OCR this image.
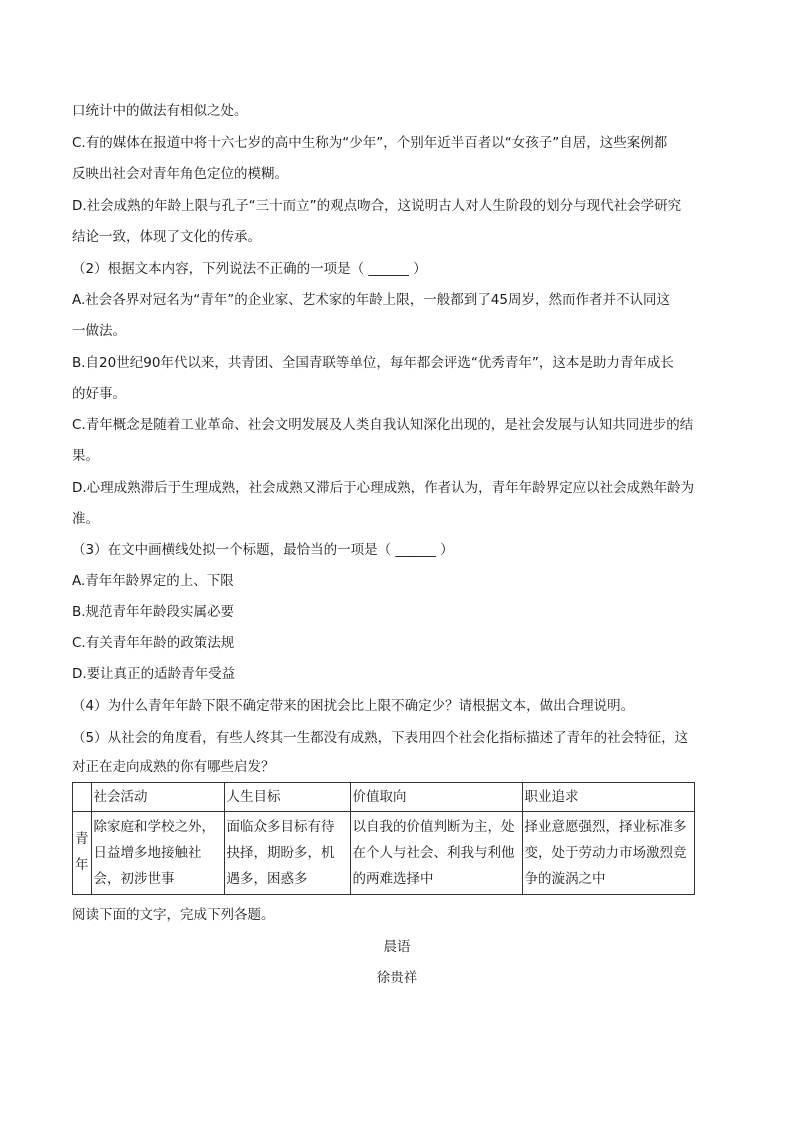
口统计中的做法有相似之处。
C.有的媒体在报道中将十六七岁的高中生称为“少年”，个别年近半百者以“女孩子”自居，这些案例都
反映出社会对青年角色定位的模糊。
D.社会成熟的年龄上限与孔子“三十而立”的观点吻合，这说明古人对人生阶段的划分与现代社会学研究
结论一致，体现了文化的传承。
（2）根据文本内容，下列说法不正确的一项是（ ______ ）
A.社会各界对冠名为“青年”的企业家、艺术家的年龄上限，一般都到了45周岁，然而作者并不认同这
一做法。
B.自20世纪90年代以来，共青团、全国青联等单位，每年都会评选“优秀青年”，这本是助力青年成长
的好事。
C.青年概念是随着工业革命、社会文明发展及人类自我认知深化出现的，是社会发展与认知共同进步的结
果。
D.心理成熟滞后于生理成熟，社会成熟又滞后于心理成熟，作者认为，青年年龄界定应以社会成熟年龄为
准。
（3）在文中画横线处拟一个标题，最恰当的一项是（ ______ ）
A.青年年龄界定的上、下限
B.规范青年年龄段实属必要
C.有关青年年龄的政策法规
D.要让真正的适龄青年受益
（4）为什么青年年龄下限不确定带来的困扰会比上限不确定少？请根据文本，做出合理说明。
（5）从社会的角度看，有些人终其一生都没有成熟，下表用四个社会化指标描述了青年的社会特征，这
对正在走向成熟的你有哪些启发？
	社会活动	人生目标	价值取向	职业追求

青
年	除家庭和学校之外，
日益增多地接触社
会，初涉世事	面临众多目标有待
抉择，期盼多，机
遇多，困惑多	以自我的价值判断为主，处
在个人与社会、利我与利他
的两难选择中	择业意愿强烈，择业标准多
变，处于劳动力市场激烈竞
争的漩涡之中
阅读下面的文字，完成下列各题。
晨语
徐贵祥
